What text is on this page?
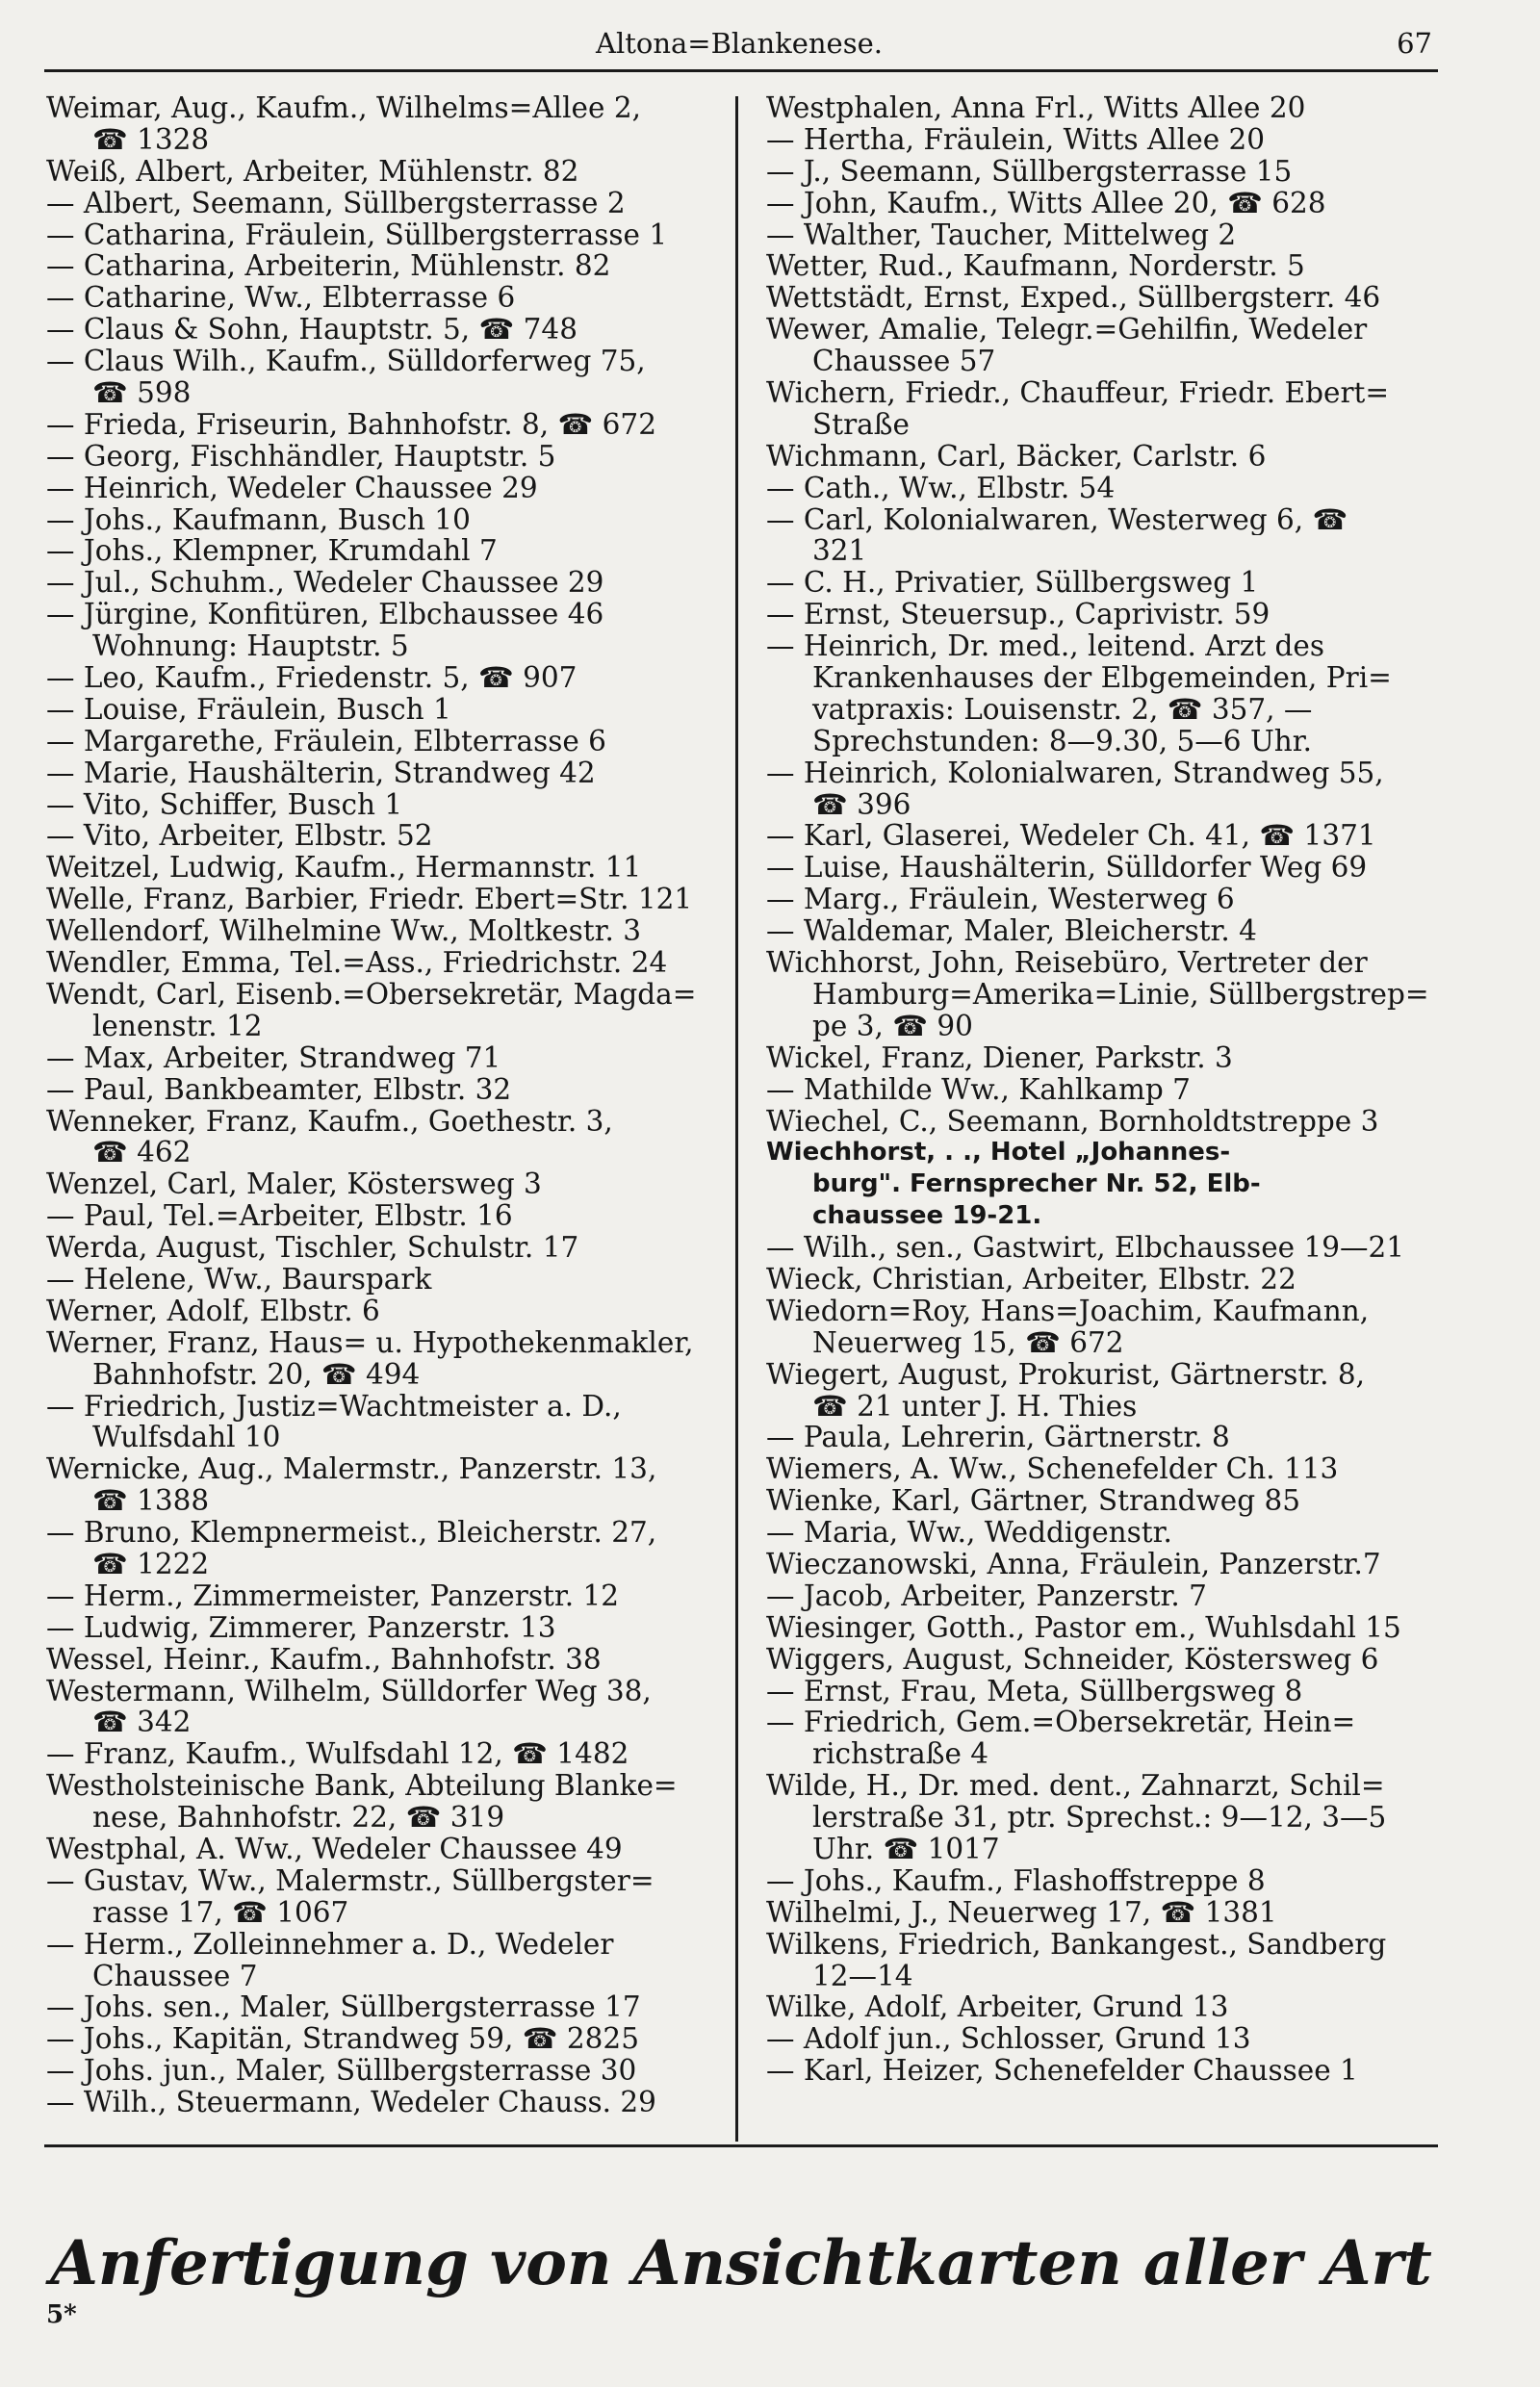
Altona=Blankenese.	67
Weimar, Aug., Kaufm., Wilhelms=Allee 2,
☎ 1328
Weiß, Albert, Arbeiter, Mühlenstr. 82
— Albert, Seemann, Süllbergsterrasse 2
— Catharina, Fräulein, Süllbergsterrasse 1
— Catharina, Arbeiterin, Mühlenstr. 82
— Catharine, Ww., Elbterrasse 6
— Claus & Sohn, Hauptstr. 5, ☎ 748
— Claus Wilh., Kaufm., Sülldorferweg 75,
☎ 598
— Frieda, Friseurin, Bahnhofstr. 8, ☎ 672
— Georg, Fischhändler, Hauptstr. 5
— Heinrich, Wedeler Chaussee 29
— Johs., Kaufmann, Busch 10
— Johs., Klempner, Krumdahl 7
— Jul., Schuhm., Wedeler Chaussee 29
— Jürgine, Konfitüren, Elbchaussee 46
Wohnung: Hauptstr. 5
— Leo, Kaufm., Friedenstr. 5, ☎ 907
— Louise, Fräulein, Busch 1
— Margarethe, Fräulein, Elbterrasse 6
— Marie, Haushälterin, Strandweg 42
— Vito, Schiffer, Busch 1
— Vito, Arbeiter, Elbstr. 52
Weitzel, Ludwig, Kaufm., Hermannstr. 11
Welle, Franz, Barbier, Friedr. Ebert=Str. 121
Wellendorf, Wilhelmine Ww., Moltkestr. 3
Wendler, Emma, Tel.=Ass., Friedrichstr. 24
Wendt, Carl, Eisenb.=Obersekretär, Magda=
lenenstr. 12
— Max, Arbeiter, Strandweg 71
— Paul, Bankbeamter, Elbstr. 32
Wenneker, Franz, Kaufm., Goethestr. 3,
☎ 462
Wenzel, Carl, Maler, Köstersweg 3
— Paul, Tel.=Arbeiter, Elbstr. 16
Werda, August, Tischler, Schulstr. 17
— Helene, Ww., Baurspark
Werner, Adolf, Elbstr. 6
Werner, Franz, Haus= u. Hypothekenmakler,
Bahnhofstr. 20, ☎ 494
— Friedrich, Justiz=Wachtmeister a. D.,
Wulfsdahl 10
Wernicke, Aug., Malermstr., Panzerstr. 13,
☎ 1388
— Bruno, Klempnermeist., Bleicherstr. 27,
☎ 1222
— Herm., Zimmermeister, Panzerstr. 12
— Ludwig, Zimmerer, Panzerstr. 13
Wessel, Heinr., Kaufm., Bahnhofstr. 38
Westermann, Wilhelm, Sülldorfer Weg 38,
☎ 342
— Franz, Kaufm., Wulfsdahl 12, ☎ 1482
Westholsteinische Bank, Abteilung Blanke=
nese, Bahnhofstr. 22, ☎ 319
Westphal, A. Ww., Wedeler Chaussee 49
— Gustav, Ww., Malermstr., Süllbergster=
rasse 17, ☎ 1067
— Herm., Zolleinnehmer a. D., Wedeler
Chaussee 7
— Johs. sen., Maler, Süllbergsterrasse 17
— Johs., Kapitän, Strandweg 59, ☎ 2825
— Johs. jun., Maler, Süllbergsterrasse 30
— Wilh., Steuermann, Wedeler Chauss. 29
Westphalen, Anna Frl., Witts Allee 20
— Hertha, Fräulein, Witts Allee 20
— J., Seemann, Süllbergsterrasse 15
— John, Kaufm., Witts Allee 20, ☎ 628
— Walther, Taucher, Mittelweg 2
Wetter, Rud., Kaufmann, Norderstr. 5
Wettstädt, Ernst, Exped., Süllbergsterr. 46
Wewer, Amalie, Telegr.=Gehilfin, Wedeler
Chaussee 57
Wichern, Friedr., Chauffeur, Friedr. Ebert=
Straße
Wichmann, Carl, Bäcker, Carlstr. 6
— Cath., Ww., Elbstr. 54
— Carl, Kolonialwaren, Westerweg 6, ☎
321
— C. H., Privatier, Süllbergsweg 1
— Ernst, Steuersup., Caprivistr. 59
— Heinrich, Dr. med., leitend. Arzt des
Krankenhauses der Elbgemeinden, Pri=
vatpraxis: Louisenstr. 2, ☎ 357, —
Sprechstunden: 8—9.30, 5—6 Uhr.
— Heinrich, Kolonialwaren, Strandweg 55,
☎ 396
— Karl, Glaserei, Wedeler Ch. 41, ☎ 1371
— Luise, Haushälterin, Sülldorfer Weg 69
— Marg., Fräulein, Westerweg 6
— Waldemar, Maler, Bleicherstr. 4
Wichhorst, John, Reisebüro, Vertreter der
Hamburg=Amerika=Linie, Süllbergstrep=
pe 3, ☎ 90
Wickel, Franz, Diener, Parkstr. 3
— Mathilde Ww., Kahlkamp 7
Wiechel, C., Seemann, Bornholdtstreppe 3
Wiechhorst, . ., Hotel „Johannes-
burg". Fernsprecher Nr. 52, Elb-
chaussee 19-21.
— Wilh., sen., Gastwirt, Elbchaussee 19—21
Wieck, Christian, Arbeiter, Elbstr. 22
Wiedorn=Roy, Hans=Joachim, Kaufmann,
Neuerweg 15, ☎ 672
Wiegert, August, Prokurist, Gärtnerstr. 8,
☎ 21 unter J. H. Thies
— Paula, Lehrerin, Gärtnerstr. 8
Wiemers, A. Ww., Schenefelder Ch. 113
Wienke, Karl, Gärtner, Strandweg 85
— Maria, Ww., Weddigenstr.
Wieczanowski, Anna, Fräulein, Panzerstr.7
— Jacob, Arbeiter, Panzerstr. 7
Wiesinger, Gotth., Pastor em., Wuhlsdahl 15
Wiggers, August, Schneider, Köstersweg 6
— Ernst, Frau, Meta, Süllbergsweg 8
— Friedrich, Gem.=Obersekretär, Hein=
richstraße 4
Wilde, H., Dr. med. dent., Zahnarzt, Schil=
lerstraße 31, ptr. Sprechst.: 9—12, 3—5
Uhr. ☎ 1017
— Johs., Kaufm., Flashoffstreppe 8
Wilhelmi, J., Neuerweg 17, ☎ 1381
Wilkens, Friedrich, Bankangest., Sandberg
12—14
Wilke, Adolf, Arbeiter, Grund 13
— Adolf jun., Schlosser, Grund 13
— Karl, Heizer, Schenefelder Chaussee 1
Anfertigung von Ansichtkarten aller Art
5*
